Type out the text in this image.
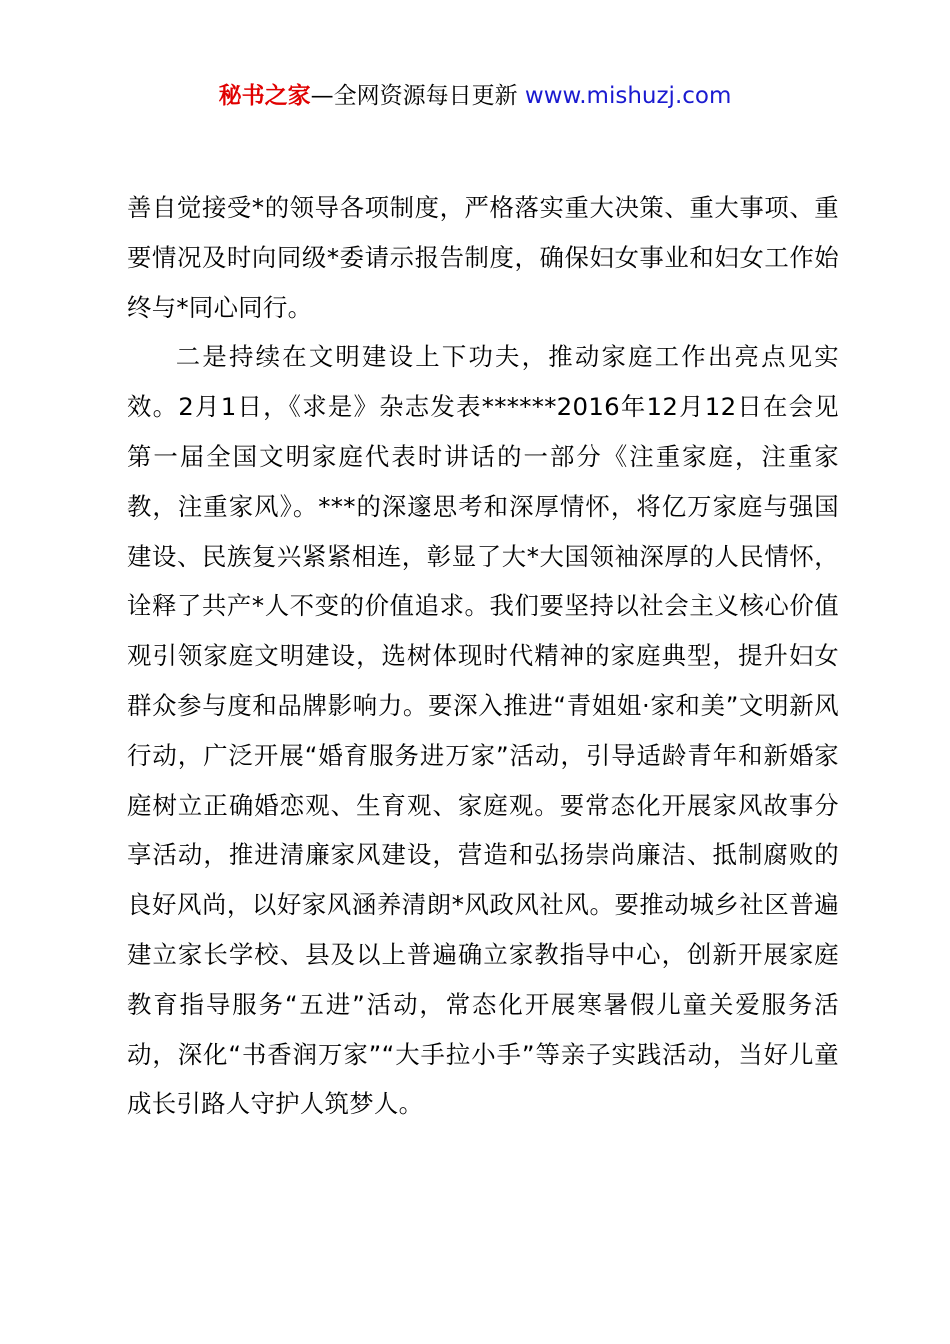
秘书之家—全网资源每日更新 www.mishuzj.com

善自觉接受*的领导各项制度，严格落实重大决策、重大事项、重要情况及时向同级*委请示报告制度，确保妇女事业和妇女工作始终与*同心同行。

二是持续在文明建设上下功夫，推动家庭工作出亮点见实效。2月1日，《求是》杂志发表******2016年12月12日在会见第一届全国文明家庭代表时讲话的一部分《注重家庭，注重家教，注重家风》。***的深邃思考和深厚情怀，将亿万家庭与强国建设、民族复兴紧紧相连，彰显了大*大国领袖深厚的人民情怀，诠释了共产*人不变的价值追求。我们要坚持以社会主义核心价值观引领家庭文明建设，选树体现时代精神的家庭典型，提升妇女群众参与度和品牌影响力。要深入推进“青姐姐·家和美”文明新风行动，广泛开展“婚育服务进万家”活动，引导适龄青年和新婚家庭树立正确婚恋观、生育观、家庭观。要常态化开展家风故事分享活动，推进清廉家风建设，营造和弘扬崇尚廉洁、抵制腐败的良好风尚，以好家风涵养清朗*风政风社风。要推动城乡社区普遍建立家长学校、县及以上普遍确立家教指导中心，创新开展家庭教育指导服务“五进”活动，常态化开展寒暑假儿童关爱服务活动，深化“书香润万家”“大手拉小手”等亲子实践活动，当好儿童成长引路人守护人筑梦人。
